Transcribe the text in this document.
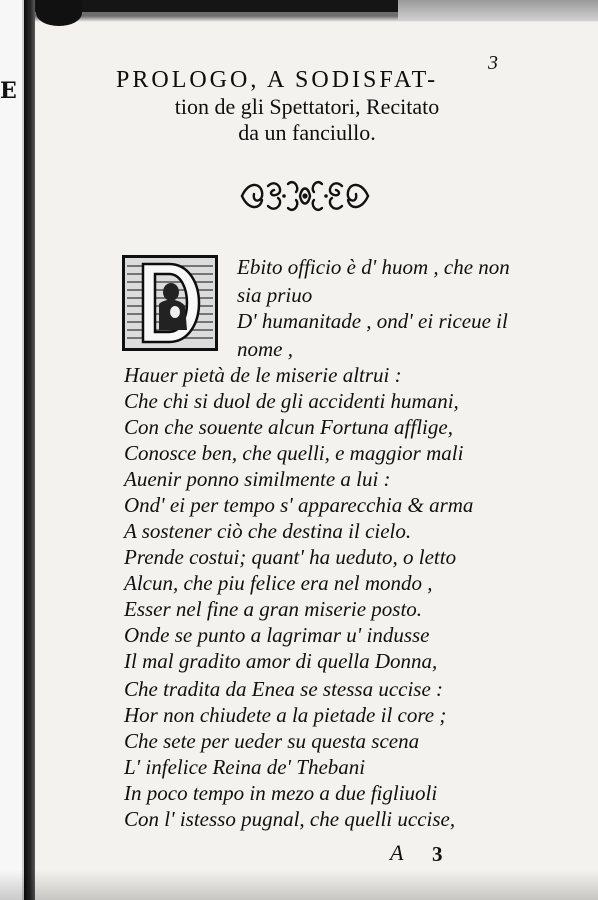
E
3
PROLOGO, A SODISFAT-
tion de gli Spettatori, Recitato
da un fanciullo.
Ebito officio è d' huom , che non
sia priuo
D' humanitade , ond' ei riceue il
nome ,
Hauer pietà de le miserie altrui :
Che chi si duol de gli accidenti humani,
Con che souente alcun Fortuna afflige,
Conosce ben, che quelli, e maggior mali
Auenir ponno similmente a lui :
Ond' ei per tempo s' apparecchia & arma
A sostener ciò che destina il cielo.
Prende costui; quant' ha ueduto, o letto
Alcun, che piu felice era nel mondo ,
Esser nel fine a gran miserie posto.
Onde se punto a lagrimar u' indusse
Il mal gradito amor di quella Donna,
Che tradita da Enea se stessa uccise :
Hor non chiudete a la pietade il core ;
Che sete per ueder su questa scena
L' infelice Reina de' Thebani
In poco tempo in mezo a due figliuoli
Con l' istesso pugnal, che quelli uccise,
A 3
